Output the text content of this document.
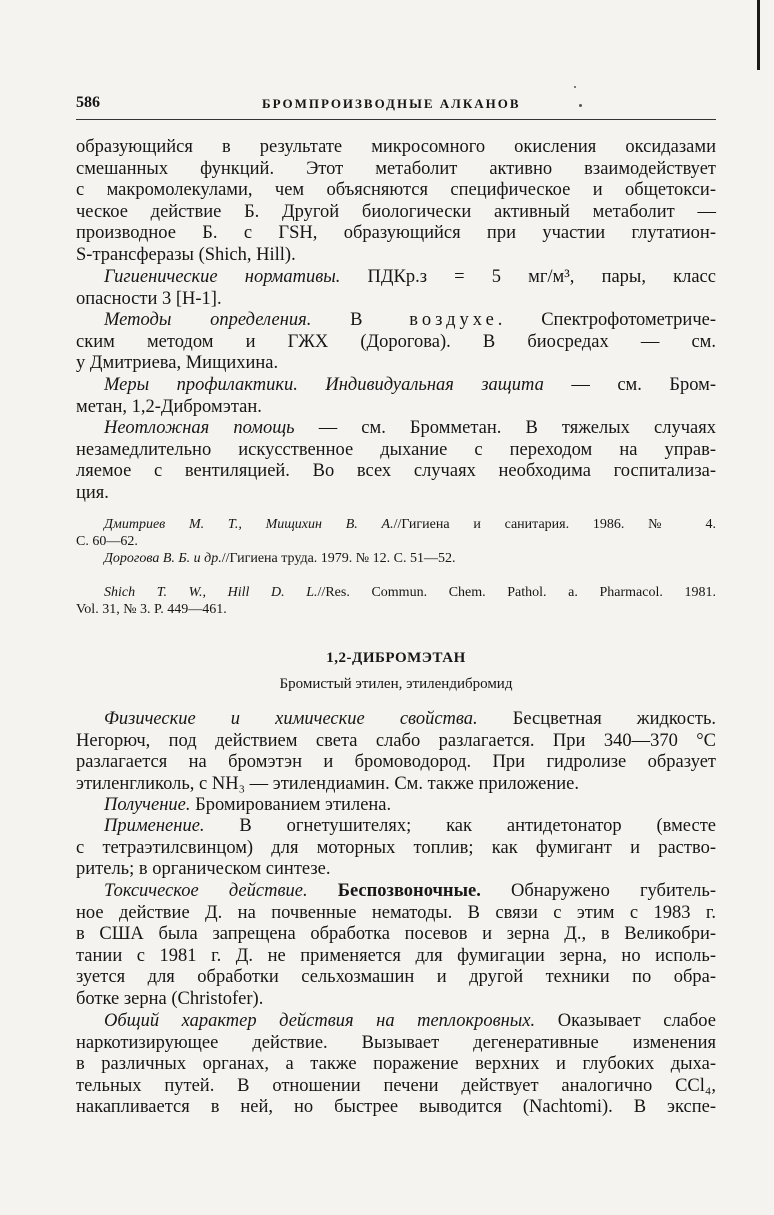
586	БРОМПРОИЗВОДНЫЕ АЛКАНОВ

образующийся в результате микросомного окисления оксидазами
смешанных функций. Этот метаболит активно взаимодействует
с макромолекулами, чем объясняются специфическое и общетокси-
ческое действие Б. Другой биологически активный метаболит —
производное Б. с ГSH, образующийся при участии глутатион-
S-трансферазы (Shich, Hill).

Гигиенические нормативы. ПДКр.з = 5 мг/м³, пары, класс
опасности 3 [Н-1].

Методы определения. В воздухе. Спектрофотометриче-
ским методом и ГЖХ (Дорогова). В биосредах — см.
у Дмитриева, Мищихина.

Меры профилактики. Индивидуальная защита — см. Бром-
метан, 1,2-Дибромэтан.

Неотложная помощь — см. Бромметан. В тяжелых случаях
незамедлительно искусственное дыхание с переходом на управ-
ляемое с вентиляцией. Во всех случаях необходима госпитализа-
ция.

Дмитриев М. Т., Мищихин В. А.//Гигиена и санитария. 1986. № 4.
С. 60—62.

Дорогова В. Б. и др.//Гигиена труда. 1979. № 12. С. 51—52.

Shich T. W., Hill D. L.//Res. Commun. Chem. Pathol. a. Pharmacol. 1981.
Vol. 31, № 3. P. 449—461.

1,2-ДИБРОМЭТАН
Бромистый этилен, этилендибромид

Физические и химические свойства. Бесцветная жидкость.
Негорюч, под действием света слабо разлагается. При 340—370 °С
разлагается на бромэтэн и бромоводород. При гидролизе образует
этиленгликоль, с NH₃ — этилендиамин. См. также приложение.

Получение. Бромированием этилена.

Применение. В огнетушителях; как антидетонатор (вместе
с тетраэтилсвинцом) для моторных топлив; как фумигант и раство-
ритель; в органическом синтезе.

Токсическое действие. Беспозвоночные. Обнаружено губитель-
ное действие Д. на почвенные нематоды. В связи с этим с 1983 г.
в США была запрещена обработка посевов и зерна Д., в Великобри-
тании с 1981 г. Д. не применяется для фумигации зерна, но исполь-
зуется для обработки сельхозмашин и другой техники по обра-
ботке зерна (Christofer).

Общий характер действия на теплокровных. Оказывает слабое
наркотизирующее действие. Вызывает дегенеративные изменения
в различных органах, а также поражение верхних и глубоких дыха-
тельных путей. В отношении печени действует аналогично CCl₄,
накапливается в ней, но быстрее выводится (Nachtomi). В экспе-
